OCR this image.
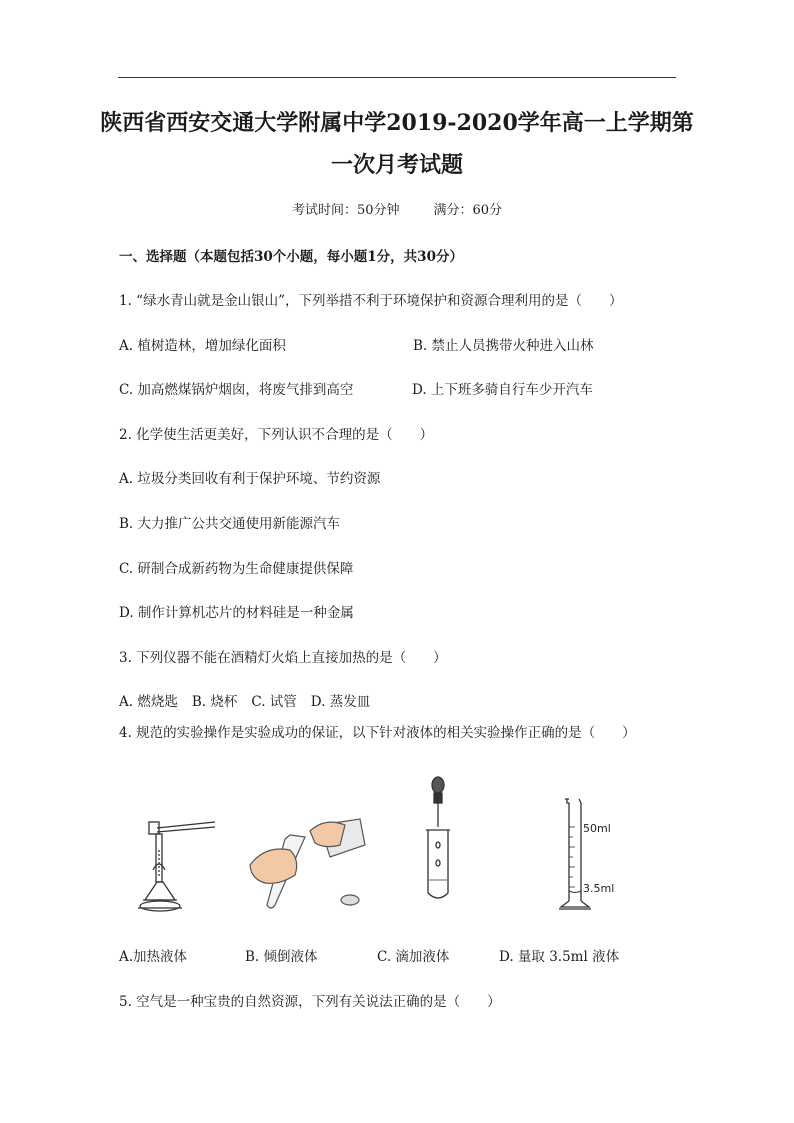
陕西省西安交通大学附属中学2019-2020学年高一上学期第
一次月考试题
考试时间：50分钟	满分：60分
一、选择题（本题包括30个小题，每小题1分，共30分）
1. “绿水青山就是金山银山”，下列举措不利于环境保护和资源合理利用的是（　　）
A. 植树造林，增加绿化面积	B. 禁止人员携带火种进入山林
C. 加高燃煤锅炉烟囱，将废气排到高空	D. 上下班多骑自行车少开汽车
2. 化学使生活更美好，下列认识不合理的是（　　）
A. 垃圾分类回收有利于保护环境、节约资源
B. 大力推广公共交通使用新能源汽车
C. 研制合成新药物为生命健康提供保障
D. 制作计算机芯片的材料硅是一种金属
3. 下列仪器不能在酒精灯火焰上直接加热的是（　　）
A. 燃烧匙 B. 烧杯 C. 试管 D. 蒸发皿
4. 规范的实验操作是实验成功的保证，以下针对液体的相关实验操作正确的是（　　）
50ml
3.5ml
A.加热液体	B. 倾倒液体	C. 滴加液体	D. 量取 3.5ml 液体
5. 空气是一种宝贵的自然资源，下列有关说法正确的是（　　）
